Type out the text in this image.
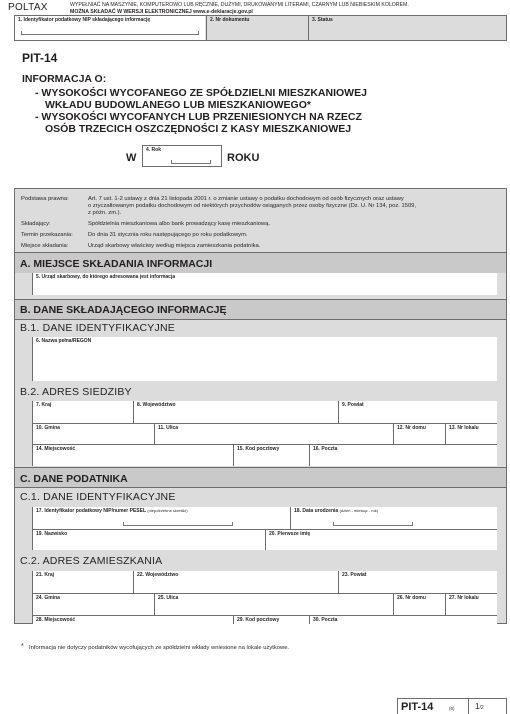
POLTAX	WYPEŁNIAĆ NA MASZYNIE, KOMPUTEROWO LUB RĘCZNIE, DUŻYMI, DRUKOWANYMI LITERAMI, CZARNYM LUB NIEBIESKIM KOLOREM.
MOŻNA SKŁADAĆ W WERSJI ELEKTRONICZNEJ www.e-deklaracje.gov.pl
1. Identyfikator podatkowy NIP składającego informację	2. Nr dokumentu	3. Status
PIT-14
INFORMACJA O:
- WYSOKOŚCI WYCOFANEGO ZE SPÓŁDZIELNI MIESZKANIOWEJ
WKŁADU BUDOWLANEGO LUB MIESZKANIOWEGO*
- WYSOKOŚCI WYCOFANYCH LUB PRZENIESIONYCH NA RZECZ
OSÓB TRZECICH OSZCZĘDNOŚCI Z KASY MIESZKANIOWEJ
W
4. Rok
ROKU
Podstawa prawna:	Art. 7 ust. 1-2 ustawy z dnia 21 listopada 2001 r. o zmianie ustawy o podatku dochodowym od osób fizycznych oraz ustawy
o zryczałtowanym podatku dochodowym od niektórych przychodów osiąganych przez osoby fizyczne (Dz. U. Nr 134, poz. 1509,
z późn. zm.).
Składający:	Spółdzielnia mieszkaniowa albo bank prowadzący kasę mieszkaniową.
Termin przekazania:	Do dnia 31 stycznia roku następującego po roku podatkowym.
Miejsce składania:	Urząd skarbowy właściwy według miejsca zamieszkania podatnika.
A. MIEJSCE SKŁADANIA INFORMACJI
5. Urząd skarbowy, do którego adresowana jest informacja
B. DANE SKŁADAJĄCEGO INFORMACJĘ
B.1. DANE IDENTYFIKACYJNE
6. Nazwa pełna/REGON
B.2. ADRES SIEDZIBY
7. Kraj	8. Województwo	9. Powiat
10. Gmina	11. Ulica	12. Nr domu	13. Nr lokalu
14. Miejscowość	15. Kod pocztowy	16. Poczta
C. DANE PODATNIKA
C.1. DANE IDENTYFIKACYJNE
17. Identyfikator podatkowy NIP/numer PESEL (niepotrzebne skreślić)	18. Data urodzenia (dzień - miesiąc - rok)
19. Nazwisko	20. Pierwsze imię
C.2. ADRES ZAMIESZKANIA
21. Kraj	22. Województwo	23. Powiat
24. Gmina	25. Ulica	26. Nr domu	27. Nr lokalu
28. Miejscowość	29. Kod pocztowy	30. Poczta
* Informacja nie dotyczy podatników wycofujących ze spółdzielni wkłady wniesione na lokale użytkowe.
PIT-14	(6)	1/2
